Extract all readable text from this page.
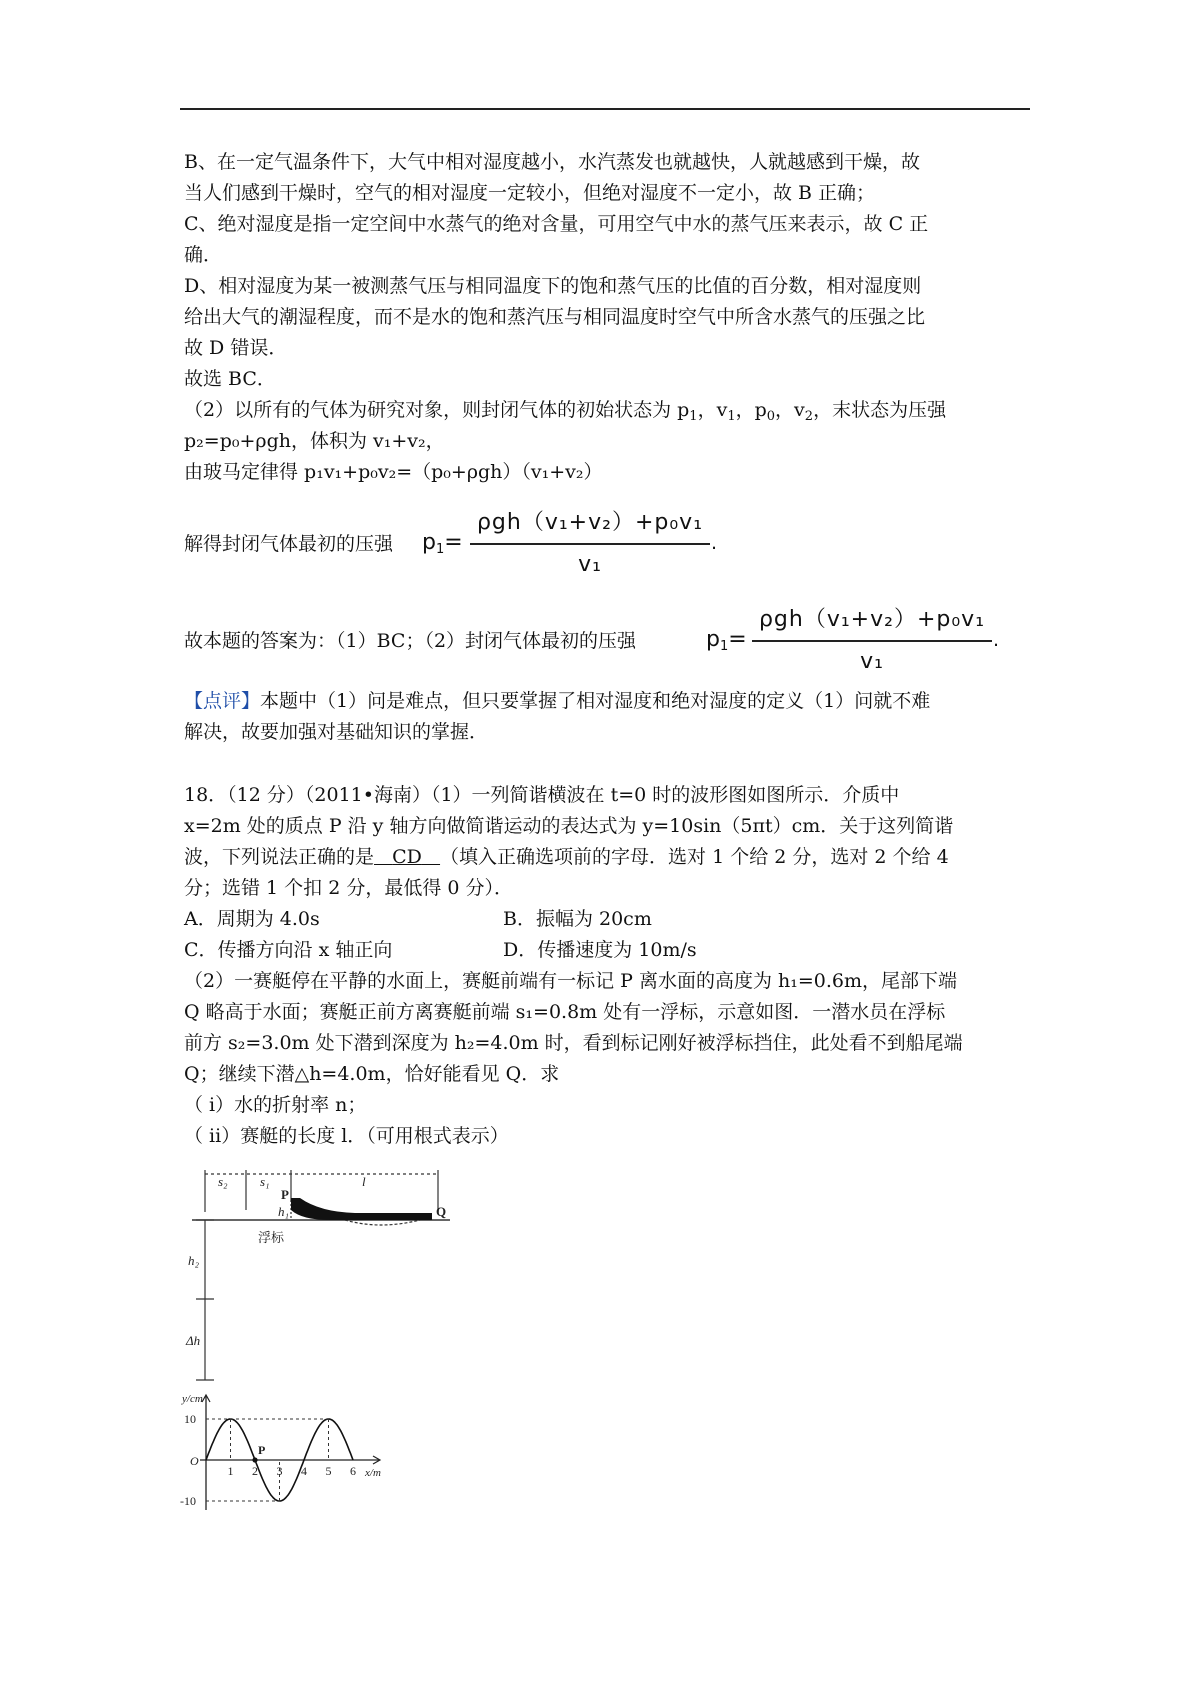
B、在一定气温条件下，大气中相对湿度越小，水汽蒸发也就越快，人就越感到干燥，故
当人们感到干燥时，空气的相对湿度一定较小，但绝对湿度不一定小，故 B 正确；
C、绝对湿度是指一定空间中水蒸气的绝对含量，可用空气中水的蒸气压来表示，故 C 正
确．
D、相对湿度为某一被测蒸气压与相同温度下的饱和蒸气压的比值的百分数，相对湿度则
给出大气的潮湿程度，而不是水的饱和蒸汽压与相同温度时空气中所含水蒸气的压强之比
故 D 错误．
故选 BC．
（2）以所有的气体为研究对象，则封闭气体的初始状态为 $p_1$，$v_1$，$p_0$，$v_2$，末状态为压强
p₂=p₀+ρgh，体积为 v₁+v₂，
由玻马定律得 p₁v₁+p₀v₂=（p₀+ρgh）（v₁+v₂）
解得封闭气体最初的压强 $p_1=$
ρgh（v₁+v₂）+p₀v₁
v₁
.
故本题的答案为：（1）BC；（2）封闭气体最初的压强	$p_1=$
ρgh（v₁+v₂）+p₀v₁
v₁
.
【点评】本题中（1）问是难点，但只要掌握了相对湿度和绝对湿度的定义（1）问就不难
解决，故要加强对基础知识的掌握．
18．（12 分）（2011•海南）（1）一列简谐横波在 t=0 时的波形图如图所示．介质中
x=2m 处的质点 P 沿 y 轴方向做简谐运动的表达式为 y=10sin（5πt）cm．关于这列简谐
波，下列说法正确的是 CD （填入正确选项前的字母．选对 1 个给 2 分，选对 2 个给 4
分；选错 1 个扣 2 分，最低得 0 分）．
A．周期为 4.0s	B．振幅为 20cm
C．传播方向沿 x 轴正向	D．传播速度为 10m/s
（2）一赛艇停在平静的水面上，赛艇前端有一标记 P 离水面的高度为 h₁=0.6m，尾部下端
Q 略高于水面；赛艇正前方离赛艇前端 s₁=0.8m 处有一浮标，示意如图．一潜水员在浮标
前方 s₂=3.0m 处下潜到深度为 h₂=4.0m 时，看到标记刚好被浮标挡住，此处看不到船尾端
Q；继续下潜△h=4.0m，恰好能看见 Q．求
（ i）水的折射率 n；
（ ii）赛艇的长度 l．（可用根式表示）
s₂ s₁	l
P
h₁	Q
浮标
h₂
Δh
P
y/cm
x/m
O
10
-10
1 2 3 4 5 6
